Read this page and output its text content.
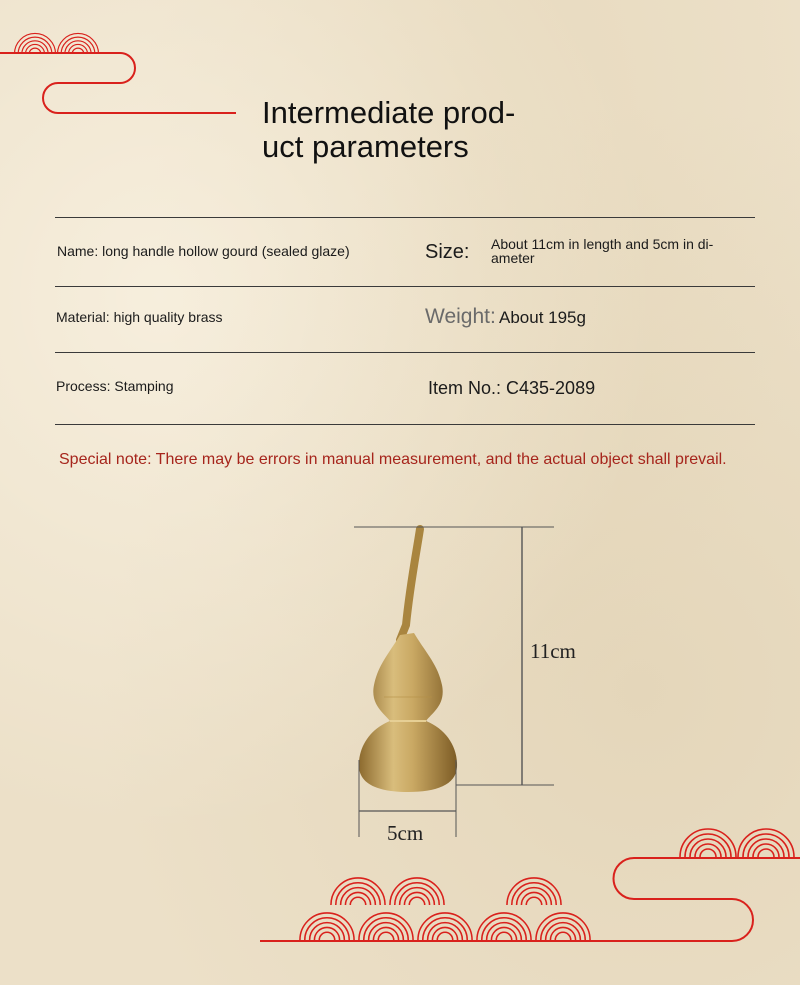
Intermediate prod-
uct parameters
Name: long handle hollow gourd (sealed glaze)	Size: About 11cm in length and 5cm in di-
ameter
Material: high quality brass	Weight: About 195g
Process: Stamping	Item No.: C435-2089
Special note: There may be errors in manual measurement, and the actual object shall prevail.
11cm
5cm
